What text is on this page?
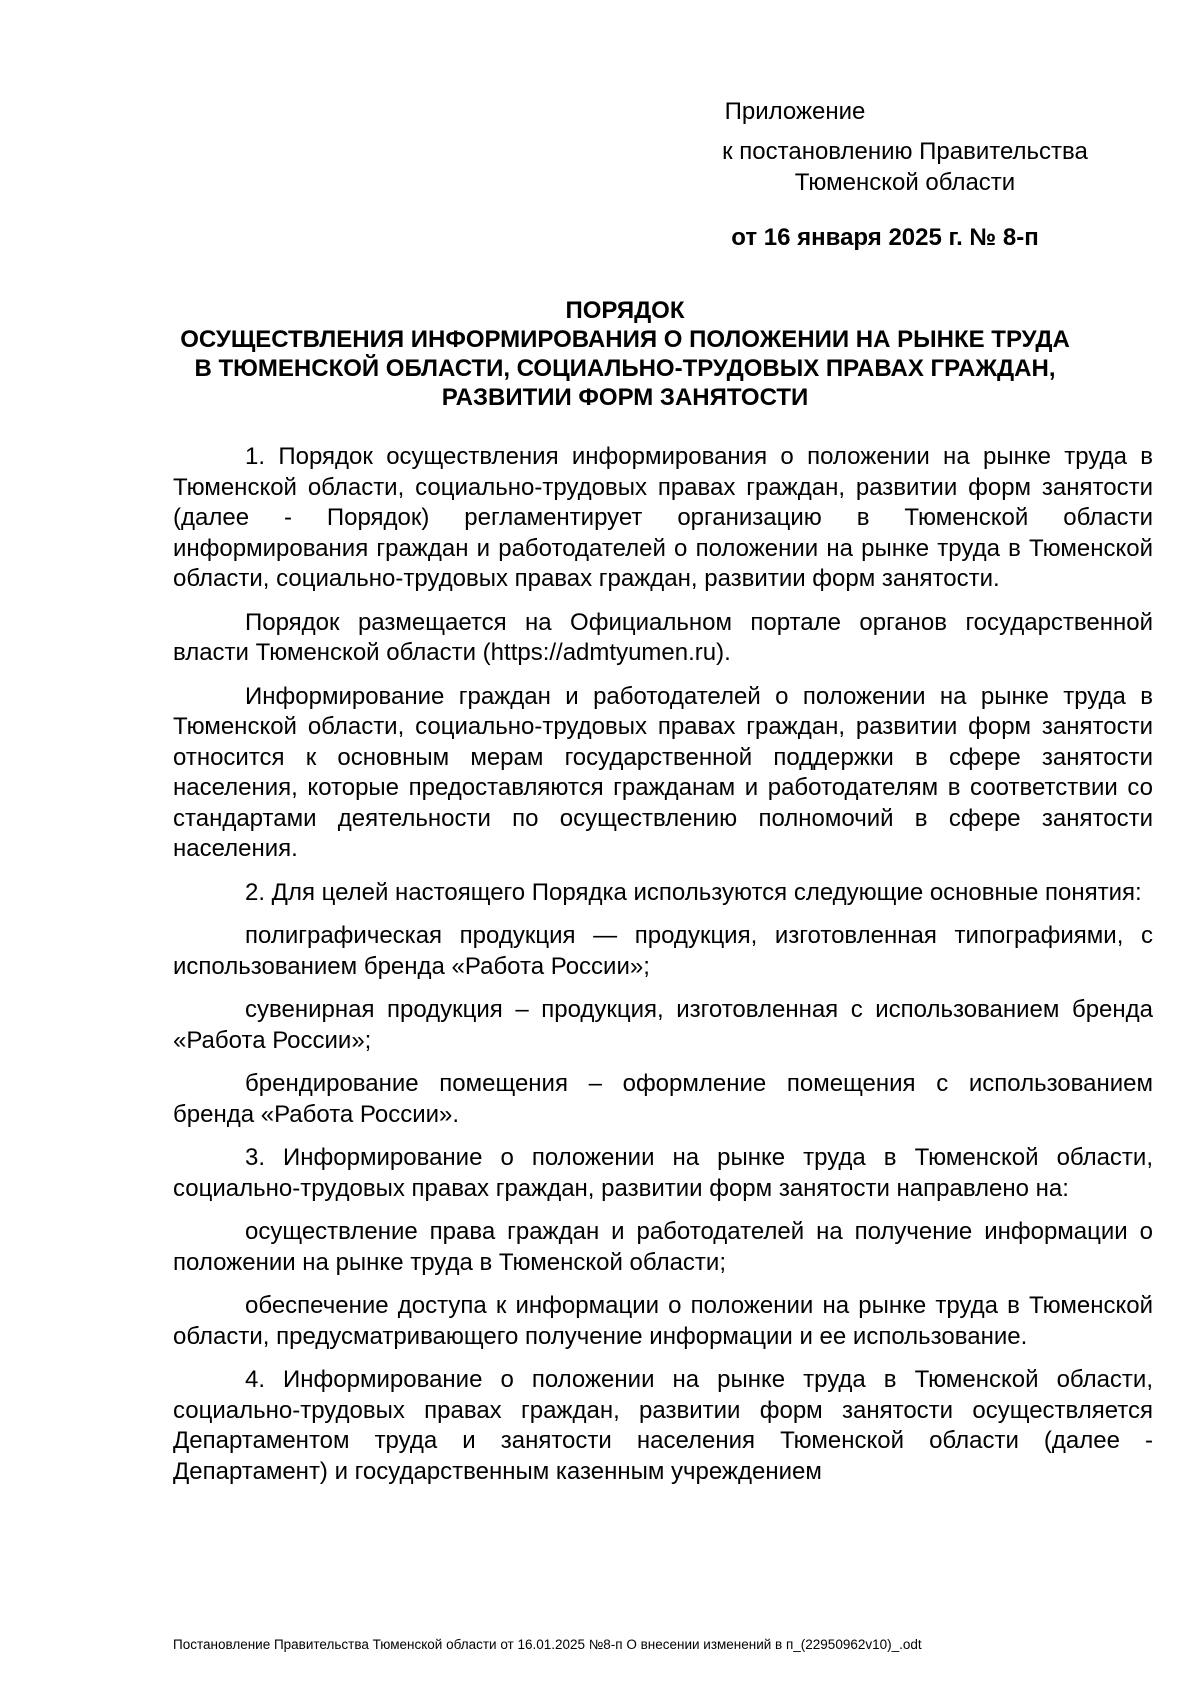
Приложение
к постановлению Правительства Тюменской области
от 16 января 2025 г. № 8-п
ПОРЯДОК
ОСУЩЕСТВЛЕНИЯ ИНФОРМИРОВАНИЯ О ПОЛОЖЕНИИ НА РЫНКЕ ТРУДА В ТЮМЕНСКОЙ ОБЛАСТИ, СОЦИАЛЬНО-ТРУДОВЫХ ПРАВАХ ГРАЖДАН, РАЗВИТИИ ФОРМ ЗАНЯТОСТИ

1. Порядок осуществления информирования о положении на рынке труда в Тюменской области, социально-трудовых правах граждан, развитии форм занятости (далее - Порядок) регламентирует организацию в Тюменской области информирования граждан и работодателей о положении на рынке труда в Тюменской области, социально-трудовых правах граждан, развитии форм занятости.

Порядок размещается на Официальном портале органов государственной власти Тюменской области (https://admtyumen.ru).

Информирование граждан и работодателей о положении на рынке труда в Тюменской области, социально-трудовых правах граждан, развитии форм занятости относится к основным мерам государственной поддержки в сфере занятости населения, которые предоставляются гражданам и работодателям в соответствии со стандартами деятельности по осуществлению полномочий в сфере занятости населения.

2. Для целей настоящего Порядка используются следующие основные понятия:

полиграфическая продукция — продукция, изготовленная типографиями, с использованием бренда «Работа России»;

сувенирная продукция – продукция, изготовленная с использованием бренда «Работа России»;

брендирование помещения – оформление помещения с использованием бренда «Работа России».

3. Информирование о положении на рынке труда в Тюменской области, социально-трудовых правах граждан, развитии форм занятости направлено на:

осуществление права граждан и работодателей на получение информации о положении на рынке труда в Тюменской области;

обеспечение доступа к информации о положении на рынке труда в Тюменской области, предусматривающего получение информации и ее использование.

4. Информирование о положении на рынке труда в Тюменской области, социально-трудовых правах граждан, развитии форм занятости осуществляется Департаментом труда и занятости населения Тюменской области (далее - Департамент) и государственным казенным учреждением

Постановление Правительства Тюменской области от 16.01.2025 №8-п О внесении изменений в п_(22950962v10)_.odt
